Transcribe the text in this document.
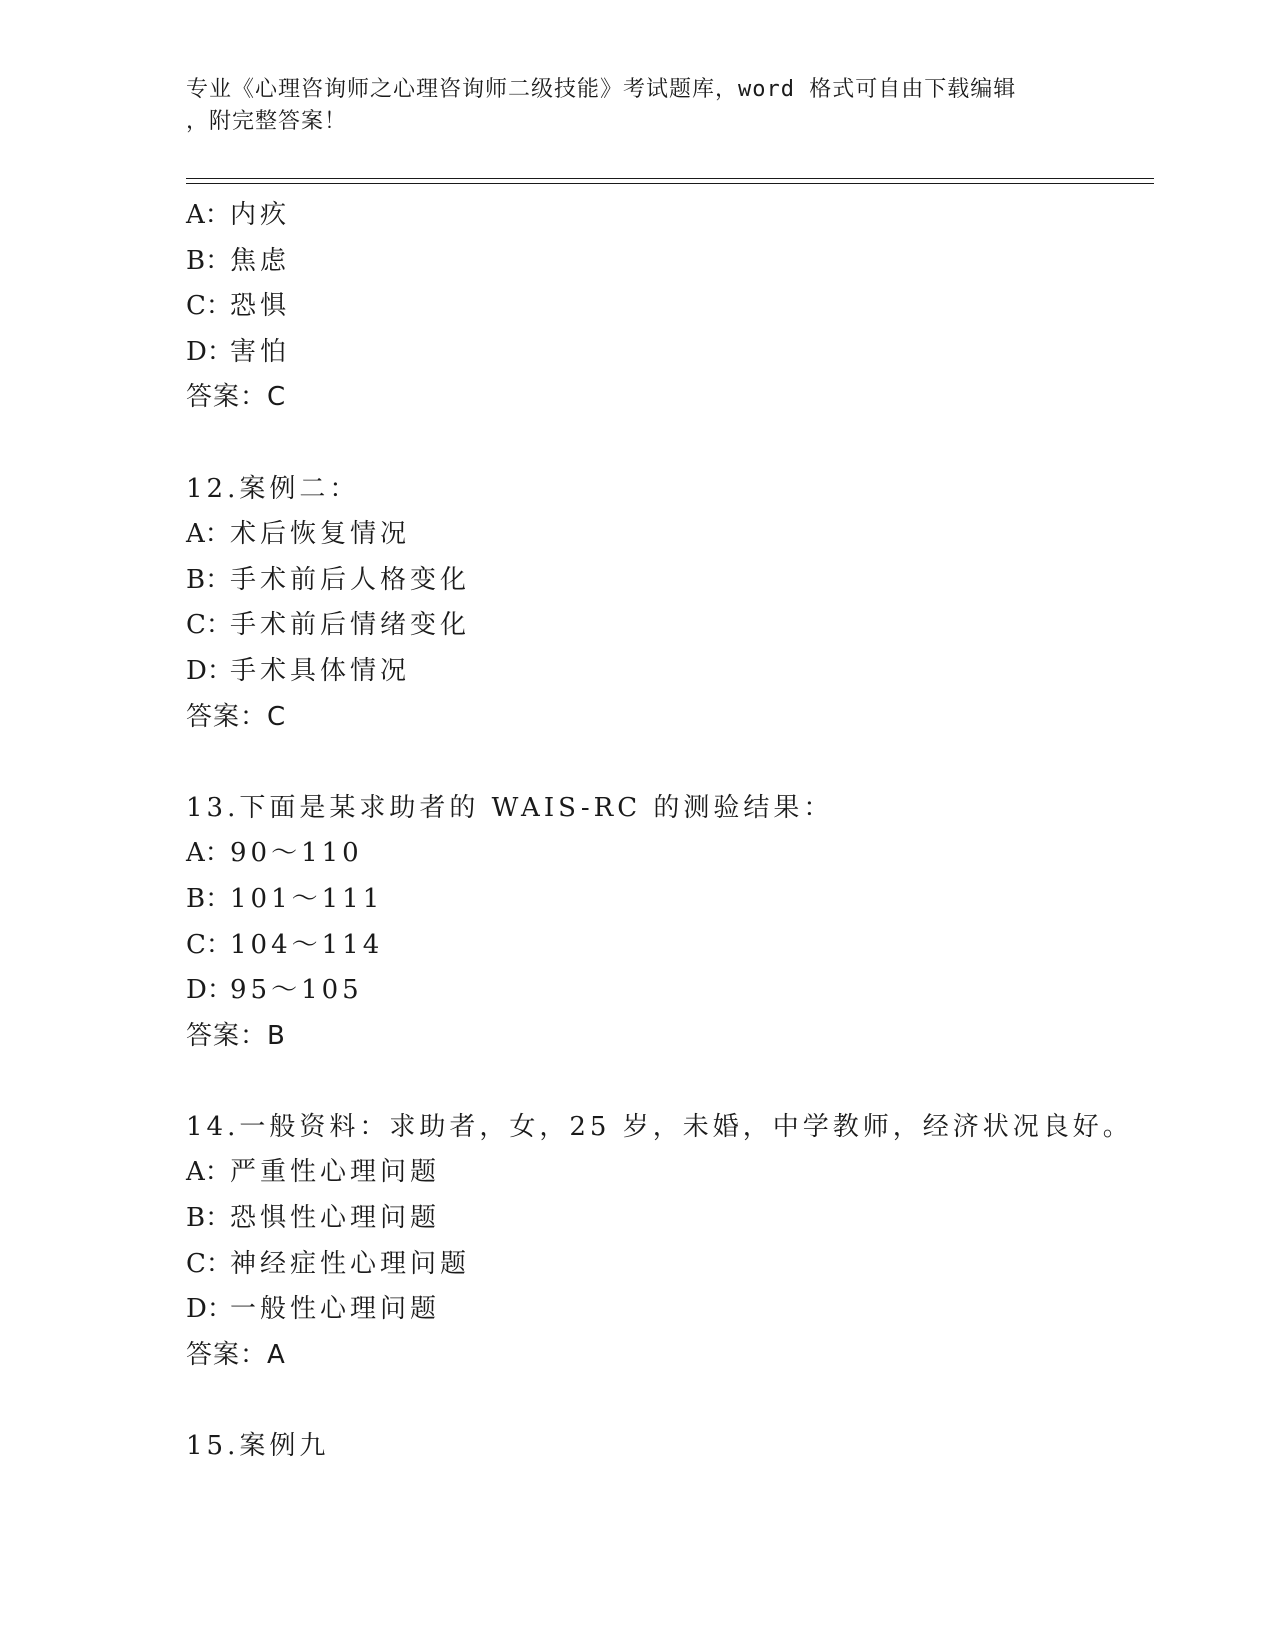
专业《心理咨询师之心理咨询师二级技能》考试题库，word 格式可自由下载编辑
，附完整答案！
A：内疚
B：焦虑
C：恐惧
D：害怕
答案：C
12.案例二：
A：术后恢复情况
B：手术前后人格变化
C：手术前后情绪变化
D：手术具体情况
答案：C
13.下面是某求助者的 WAIS-RC 的测验结果：
A：90～110
B：101～111
C：104～114
D：95～105
答案：B
14.一般资料：求助者，女，25 岁，未婚，中学教师，经济状况良好。
A：严重性心理问题
B：恐惧性心理问题
C：神经症性心理问题
D：一般性心理问题
答案：A
15.案例九
